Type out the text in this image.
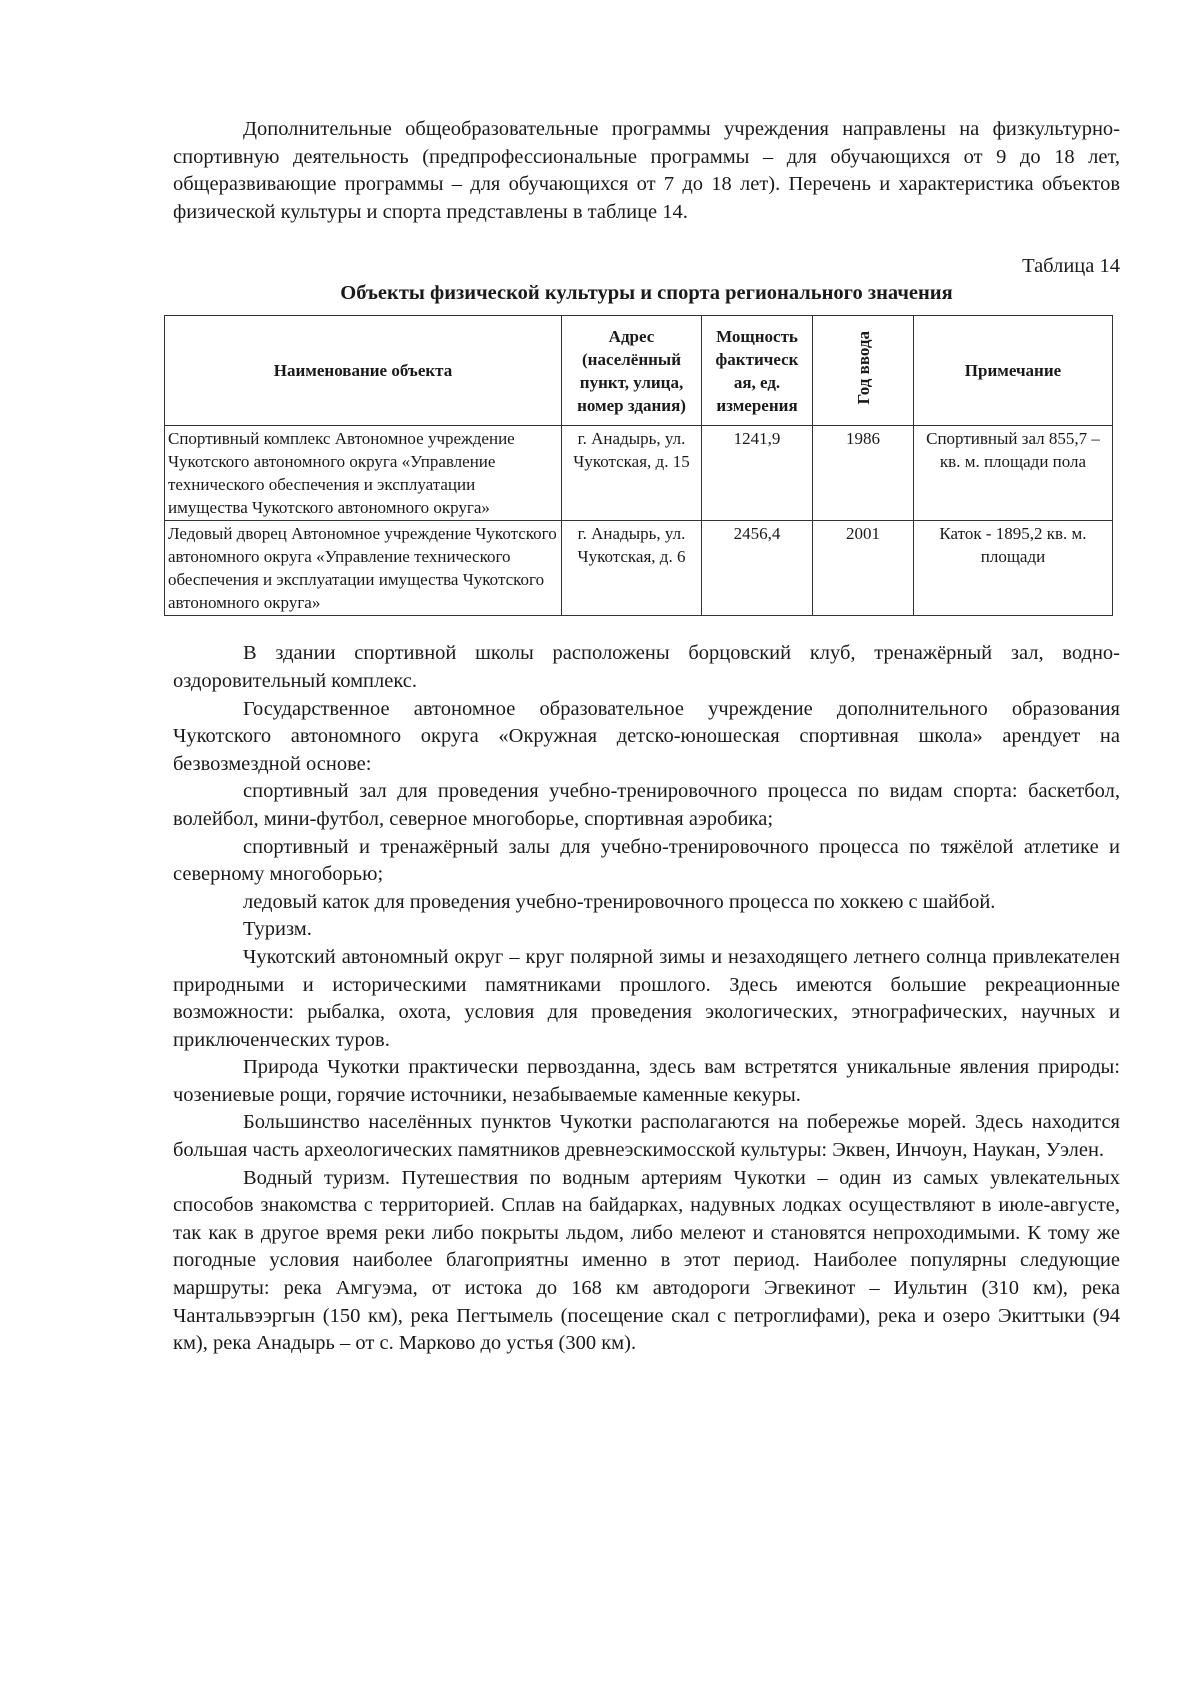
Дополнительные общеобразовательные программы учреждения направлены на физкультурно-спортивную деятельность (предпрофессиональные программы – для обучающихся от 9 до 18 лет, общеразвивающие программы – для обучающихся от 7 до 18 лет). Перечень и характеристика объектов физической культуры и спорта представлены в таблице 14.

Таблица 14
Объекты физической культуры и спорта регионального значения
Наименование объекта	Адрес (населённый пункт, улица, номер здания)	Мощность фактическ ая, ед. измерения	Год ввода	Примечание
Спортивный комплекс Автономное учреждение Чукотского автономного округа «Управление технического обеспечения и эксплуатации имущества Чукотского автономного округа»	г. Анадырь, ул. Чукотская, д. 15	1241,9	1986	Спортивный зал 855,7 – кв. м. площади пола
Ледовый дворец Автономное учреждение Чукотского автономного округа «Управление технического обеспечения и эксплуатации имущества Чукотского автономного округа»	г. Анадырь, ул. Чукотская, д. 6	2456,4	2001	Каток - 1895,2 кв. м. площади

В здании спортивной школы расположены борцовский клуб, тренажёрный зал, водно-оздоровительный комплекс.

Государственное автономное образовательное учреждение дополнительного образования Чукотского автономного округа «Окружная детско-юношеская спортивная школа» арендует на безвозмездной основе:

спортивный зал для проведения учебно-тренировочного процесса по видам спорта: баскетбол, волейбол, мини-футбол, северное многоборье, спортивная аэробика;

спортивный и тренажёрный залы для учебно-тренировочного процесса по тяжёлой атлетике и северному многоборью;

ледовый каток для проведения учебно-тренировочного процесса по хоккею с шайбой.

Туризм.

Чукотский автономный округ – круг полярной зимы и незаходящего летнего солнца привлекателен природными и историческими памятниками прошлого. Здесь имеются большие рекреационные возможности: рыбалка, охота, условия для проведения экологических, этнографических, научных и приключенческих туров.

Природа Чукотки практически первозданна, здесь вам встретятся уникальные явления природы: чозениевые рощи, горячие источники, незабываемые каменные кекуры.

Большинство населённых пунктов Чукотки располагаются на побережье морей. Здесь находится большая часть археологических памятников древнеэскимосской культуры: Эквен, Инчоун, Наукан, Уэлен.

Водный туризм. Путешествия по водным артериям Чукотки – один из самых увлекательных способов знакомства с территорией. Сплав на байдарках, надувных лодках осуществляют в июле-августе, так как в другое время реки либо покрыты льдом, либо мелеют и становятся непроходимыми. К тому же погодные условия наиболее благоприятны именно в этот период. Наиболее популярны следующие маршруты: река Амгуэма, от истока до 168 км автодороги Эгвекинот – Иультин (310 км), река Чантальвээргын (150 км), река Пегтымель (посещение скал с петроглифами), река и озеро Экиттыки (94 км), река Анадырь – от с. Марково до устья (300 км).
